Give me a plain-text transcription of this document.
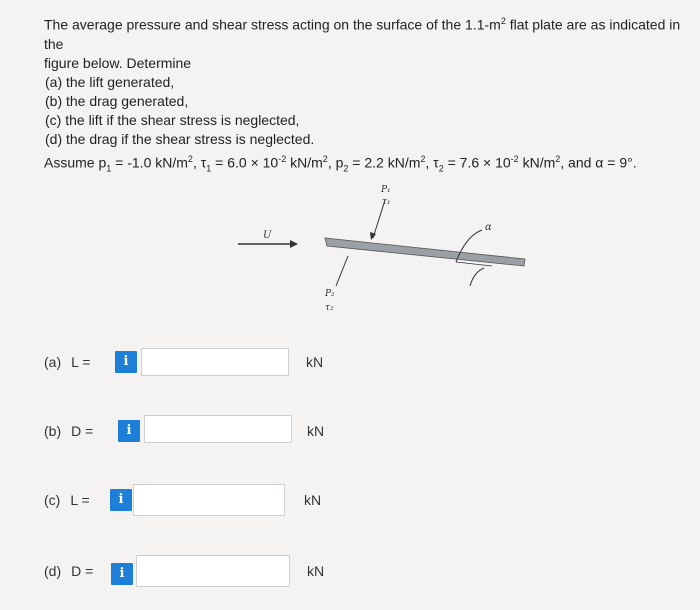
The average pressure and shear stress acting on the surface of the $1.1-m^2$ flat plate are as indicated in the

figure below. Determine

(a) the lift generated,

(b) the drag generated,

(c) the lift if the shear stress is neglected,

(d) the drag if the shear stress is neglected.

Assume $p_1 = -1.0$ $kN/m^2$, $\tau_1 = 6.0 \times 10^{-2}$ $kN/m^2$, $p_2 = 2.2$ $kN/m^2$, $\tau_2 = 7.6 \times 10^{-2}$ $kN/m^2$, and α = 9°.
U
P₁
τ₁
α
P₂
τ₂
(a) L =	i	kN
(b) D =	i	kN
(c) L =	i	kN
(d) D =	i	kN
